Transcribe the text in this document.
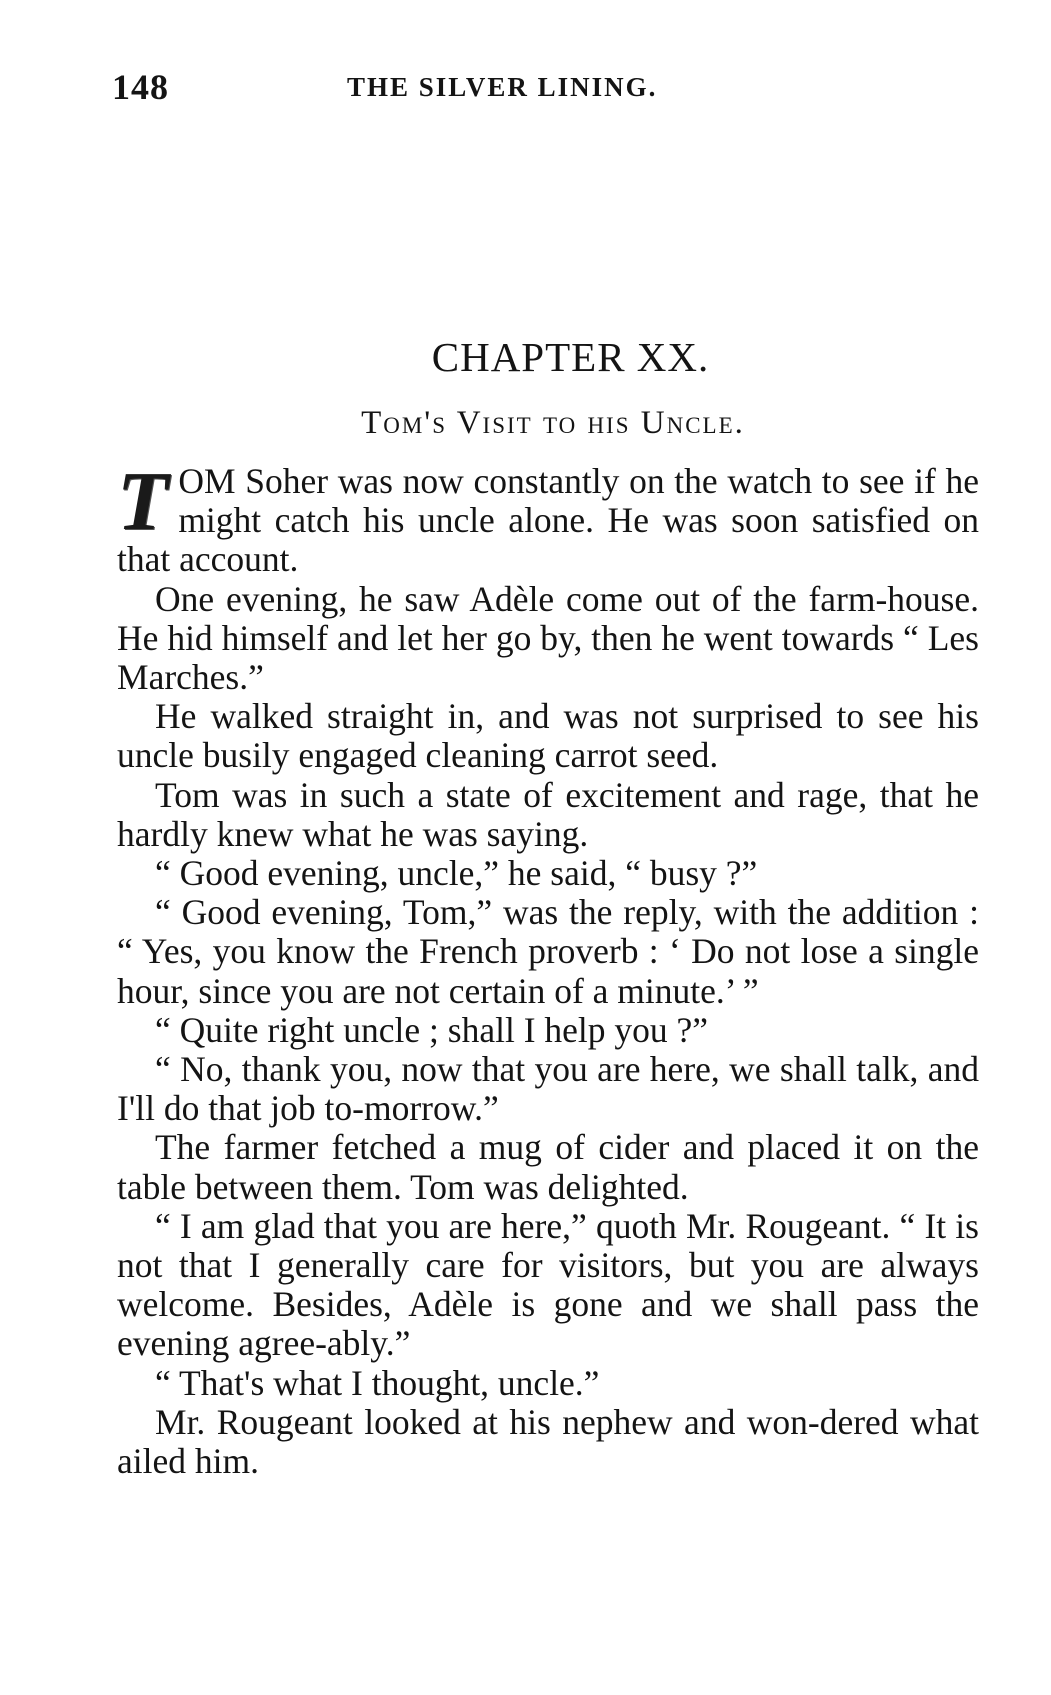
148	THE SILVER LINING.
CHAPTER XX.
Tom's Visit to his Uncle.

TOM Soher was now constantly on the watch to see if he might catch his uncle alone. He was soon satisfied on that account.

One evening, he saw Adèle come out of the farm-house. He hid himself and let her go by, then he went towards “ Les Marches.”

He walked straight in, and was not surprised to see his uncle busily engaged cleaning carrot seed.

Tom was in such a state of excitement and rage, that he hardly knew what he was saying.

“ Good evening, uncle,” he said, “ busy ?”

“ Good evening, Tom,” was the reply, with the addition : “ Yes, you know the French proverb : ‘ Do not lose a single hour, since you are not certain of a minute.’ ”

“ Quite right uncle ; shall I help you ?”

“ No, thank you, now that you are here, we shall talk, and I'll do that job to-morrow.”

The farmer fetched a mug of cider and placed it on the table between them. Tom was delighted.

“ I am glad that you are here,” quoth Mr. Rougeant. “ It is not that I generally care for visitors, but you are always welcome. Besides, Adèle is gone and we shall pass the evening agree-ably.”

“ That's what I thought, uncle.”

Mr. Rougeant looked at his nephew and won-dered what ailed him.
